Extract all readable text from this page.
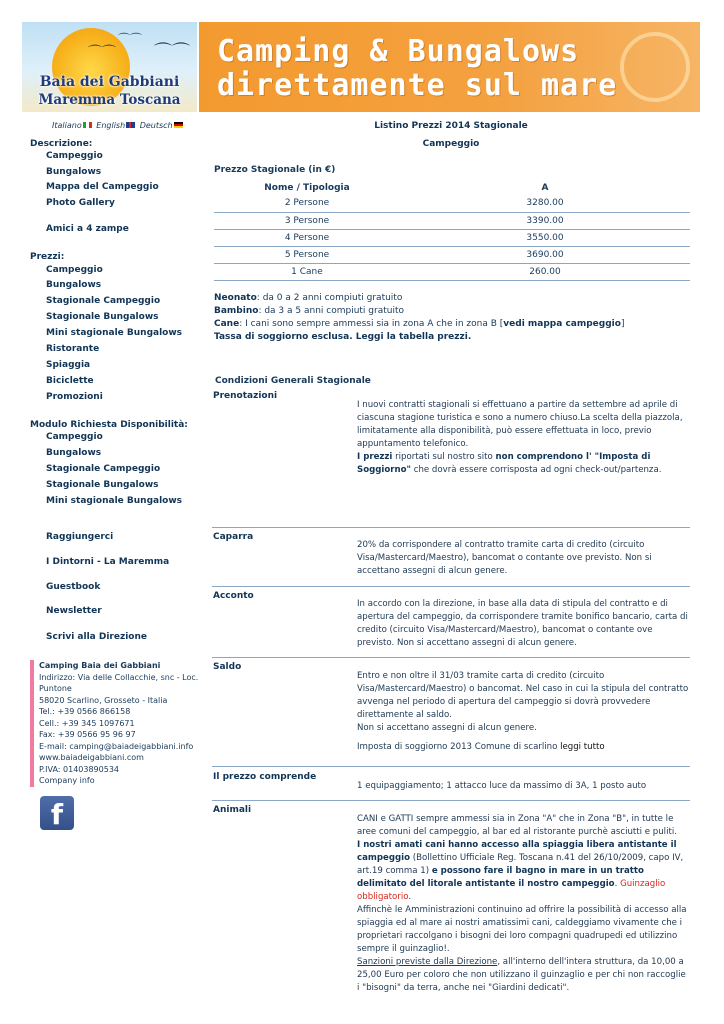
⌒⌒
⌒⌒
⌒⌒
Baia dei Gabbiani
Maremma Toscana
Camping & Bungalows
direttamente sul mare
Italiano English Deutsch
Descrizione:
Campeggio
Bungalows
Mappa del Campeggio
Photo Gallery
Amici a 4 zampe
Prezzi:
Campeggio
Bungalows
Stagionale Campeggio
Stagionale Bungalows
Mini stagionale Bungalows
Ristorante
Spiaggia
Biciclette
Promozioni
Modulo Richiesta Disponibilità:
Campeggio
Bungalows
Stagionale Campeggio
Stagionale Bungalows
Mini stagionale Bungalows
Raggiungerci
I Dintorni - La Maremma
Guestbook
Newsletter
Scrivi alla Direzione
Camping Baia dei Gabbiani
Indirizzo: Via delle Collacchie, snc - Loc. Puntone
58020 Scarlino, Grosseto - Italia
Tel.: +39 0566 866158
Cell.: +39 345 1097671
Fax: +39 0566 95 96 97
E-mail: camping@baiadeigabbiani.info
www.baiadeigabbiani.com
P.IVA: 01403890534
Company info
f
Listino Prezzi 2014 Stagionale
Campeggio
Prezzo Stagionale (in €)
Nome / Tipologia	A
2 Persone	3280.00
3 Persone	3390.00
4 Persone	3550.00
5 Persone	3690.00
1 Cane	260.00
Neonato: da 0 a 2 anni compiuti gratuito
Bambino: da 3 a 5 anni compiuti gratuito
Cane: I cani sono sempre ammessi sia in zona A che in zona B [vedi mappa campeggio]
Tassa di soggiorno esclusa. Leggi la tabella prezzi.
Condizioni Generali Stagionale
Prenotazioni
I nuovi contratti stagionali si effettuano a partire da settembre ad aprile di ciascuna stagione turistica e sono a numero chiuso.La scelta della piazzola, limitatamente alla disponibilità, può essere effettuata in loco, previo appuntamento telefonico.
I prezzi riportati sul nostro sito non comprendono l' "Imposta di Soggiorno" che dovrà essere corrisposta ad ogni check-out/partenza.
Caparra
20% da corrispondere al contratto tramite carta di credito (circuito Visa/Mastercard/Maestro), bancomat o contante ove previsto. Non si accettano assegni di alcun genere.
Acconto
In accordo con la direzione, in base alla data di stipula del contratto e di apertura del campeggio, da corrispondere tramite bonifico bancario, carta di credito (circuito Visa/Mastercard/Maestro), bancomat o contante ove previsto. Non si accettano assegni di alcun genere.
Saldo
Entro e non oltre il 31/03 tramite carta di credito (circuito Visa/Mastercard/Maestro) o bancomat. Nel caso in cui la stipula del contratto avvenga nel periodo di apertura del campeggio si dovrà provvedere direttamente al saldo.
Non si accettano assegni di alcun genere.
Imposta di soggiorno 2013 Comune di scarlino leggi tutto
Il prezzo comprende
1 equipaggiamento; 1 attacco luce da massimo di 3A, 1 posto auto
Animali
CANI e GATTI sempre ammessi sia in Zona "A" che in Zona "B", in tutte le aree comuni del campeggio, al bar ed al ristorante purchè asciutti e puliti.
I nostri amati cani hanno accesso alla spiaggia libera antistante il campeggio (Bollettino Ufficiale Reg. Toscana n.41 del 26/10/2009, capo IV, art.19 comma 1) e possono fare il bagno in mare in un tratto delimitato del litorale antistante il nostro campeggio. Guinzaglio obbligatorio.
Affinchè le Amministrazioni continuino ad offrire la possibilità di accesso alla spiaggia ed al mare ai nostri amatissimi cani, caldeggiamo vivamente che i proprietari raccolgano i bisogni dei loro compagni quadrupedi ed utilizzino sempre il guinzaglio!.
Sanzioni previste dalla Direzione, all'interno dell'intera struttura, da 10,00 a 25,00 Euro per coloro che non utilizzano il guinzaglio e per chi non raccoglie i "bisogni" da terra, anche nei "Giardini dedicati".
